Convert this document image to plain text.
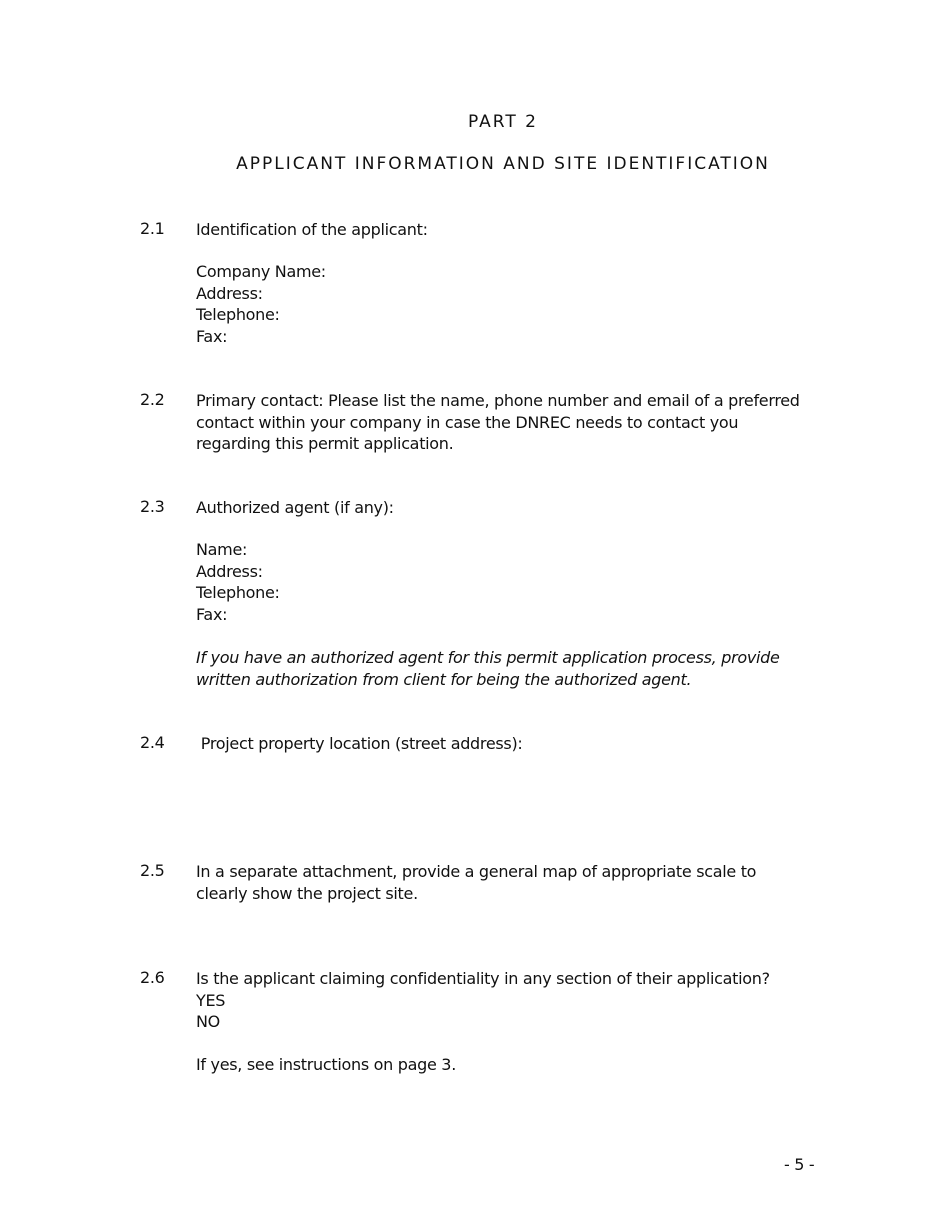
PART 2
APPLICANT INFORMATION AND SITE IDENTIFICATION
2.1 Identification of the applicant:
Company Name:
Address:
Telephone:
Fax:
2.2 Primary contact: Please list the name, phone number and email of a preferred contact within your company in case the DNREC needs to contact you regarding this permit application.
2.3 Authorized agent (if any):
Name:
Address:
Telephone:
Fax:
If you have an authorized agent for this permit application process, provide written authorization from client for being the authorized agent.
2.4 Project property location (street address):
2.5 In a separate attachment, provide a general map of appropriate scale to clearly show the project site.
2.6 Is the applicant claiming confidentiality in any section of their application?
YES
NO
If yes, see instructions on page 3.
- 5 -
